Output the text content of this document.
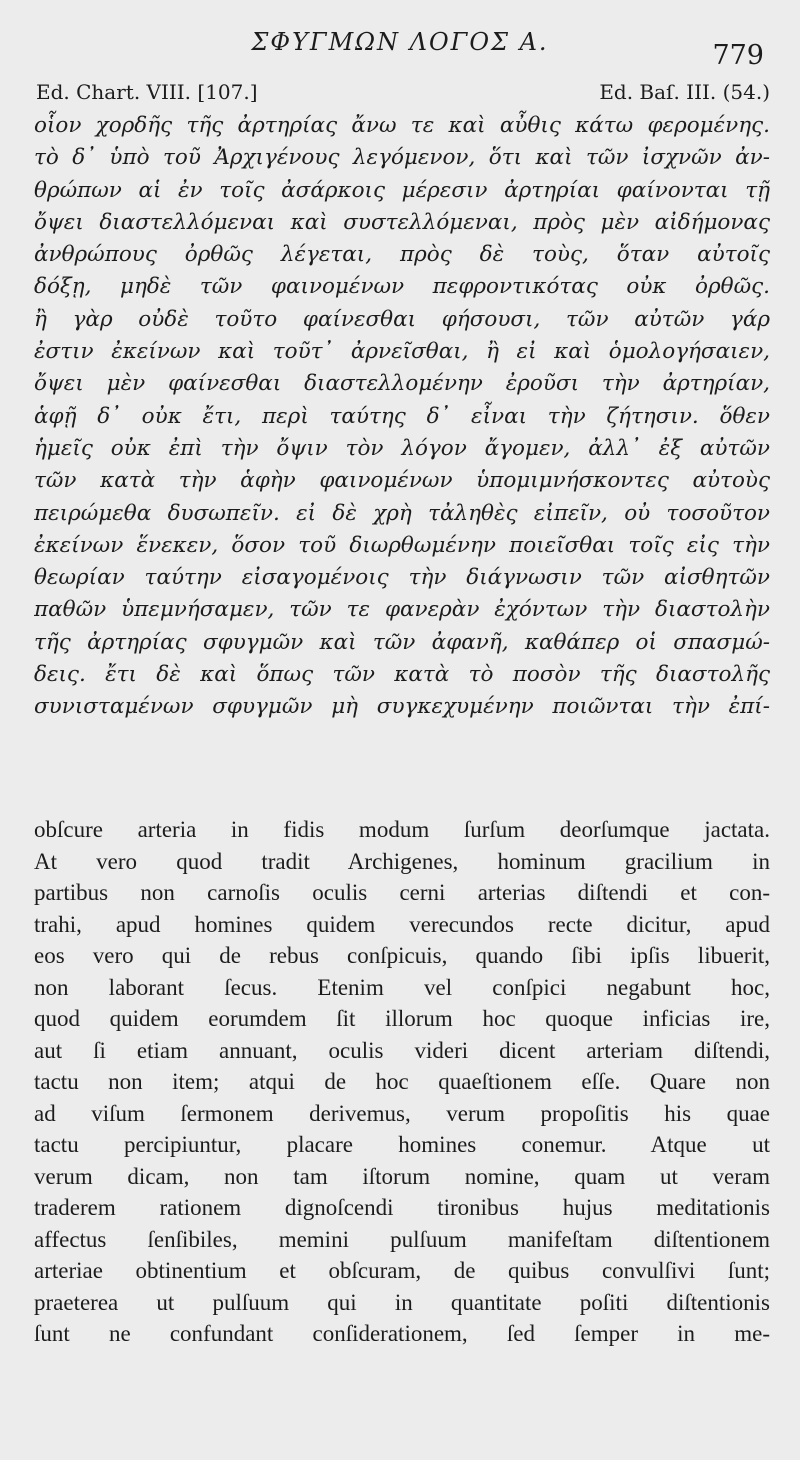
ΣΦΥΓΜΩΝ ΛΟΓΟΣ Α.	779
Ed. Chart. VIII. [107.]	Ed. Baſ. III. (54.)
οἷον χορδῆς τῆς ἀρτηρίας ἄνω τε καὶ αὖθις κάτω φερομένης.
τὸ δ᾽ ὑπὸ τοῦ Ἀρχιγένους λεγόμενον, ὅτι καὶ τῶν ἰσχνῶν ἀν-
θρώπων αἱ ἐν τοῖς ἀσάρκοις μέρεσιν ἀρτηρίαι φαίνονται τῇ
ὄψει διαστελλόμεναι καὶ συστελλόμεναι, πρὸς μὲν αἰδήμονας
ἀνθρώπους ὀρθῶς λέγεται, πρὸς δὲ τοὺς, ὅταν αὐτοῖς
δόξῃ, μηδὲ τῶν φαινομένων πεφροντικότας οὐκ ὀρθῶς.
ἢ γὰρ οὐδὲ τοῦτο φαίνεσθαι φήσουσι, τῶν αὐτῶν γάρ
ἐστιν ἐκείνων καὶ τοῦτ᾽ ἀρνεῖσθαι, ἢ εἰ καὶ ὁμολογήσαιεν,
ὄψει μὲν φαίνεσθαι διαστελλομένην ἐροῦσι τὴν ἀρτηρίαν,
ἁφῇ δ᾽ οὐκ ἔτι, περὶ ταύτης δ᾽ εἶναι τὴν ζήτησιν. ὅθεν
ἡμεῖς οὐκ ἐπὶ τὴν ὄψιν τὸν λόγον ἄγομεν, ἀλλ᾽ ἐξ αὐτῶν
τῶν κατὰ τὴν ἁφὴν φαινομένων ὑπομιμνήσκοντες αὐτοὺς
πειρώμεθα δυσωπεῖν. εἰ δὲ χρὴ τἀληθὲς εἰπεῖν, οὐ τοσοῦτον
ἐκείνων ἕνεκεν, ὅσον τοῦ διωρθωμένην ποιεῖσθαι τοῖς εἰς τὴν
θεωρίαν ταύτην εἰσαγομένοις τὴν διάγνωσιν τῶν αἰσθητῶν
παθῶν ὑπεμνήσαμεν, τῶν τε φανερὰν ἐχόντων τὴν διαστολὴν
τῆς ἀρτηρίας σφυγμῶν καὶ τῶν ἀφανῆ, καθάπερ οἱ σπασμώ-
δεις. ἔτι δὲ καὶ ὅπως τῶν κατὰ τὸ ποσὸν τῆς διαστολῆς
συνισταμένων σφυγμῶν μὴ συγκεχυμένην ποιῶνται τὴν ἐπί-
obſcure arteria in fidis modum ſurſum deorſumque jactata.
At vero quod tradit Archigenes, hominum gracilium in
partibus non carnoſis oculis cerni arterias diſtendi et con-
trahi, apud homines quidem verecundos recte dicitur, apud
eos vero qui de rebus conſpicuis, quando ſibi ipſis libuerit,
non laborant ſecus. Etenim vel conſpici negabunt hoc,
quod quidem eorumdem ſit illorum hoc quoque inficias ire,
aut ſi etiam annuant, oculis videri dicent arteriam diſtendi,
tactu non item; atqui de hoc quaeſtionem eſſe. Quare non
ad viſum ſermonem derivemus, verum propoſitis his quae
tactu percipiuntur, placare homines conemur. Atque ut
verum dicam, non tam iſtorum nomine, quam ut veram
traderem rationem dignoſcendi tironibus hujus meditationis
affectus ſenſibiles, memini pulſuum manifeſtam diſtentionem
arteriae obtinentium et obſcuram, de quibus convulſivi ſunt;
praeterea ut pulſuum qui in quantitate poſiti diſtentionis
ſunt ne confundant conſiderationem, ſed ſemper in me-
